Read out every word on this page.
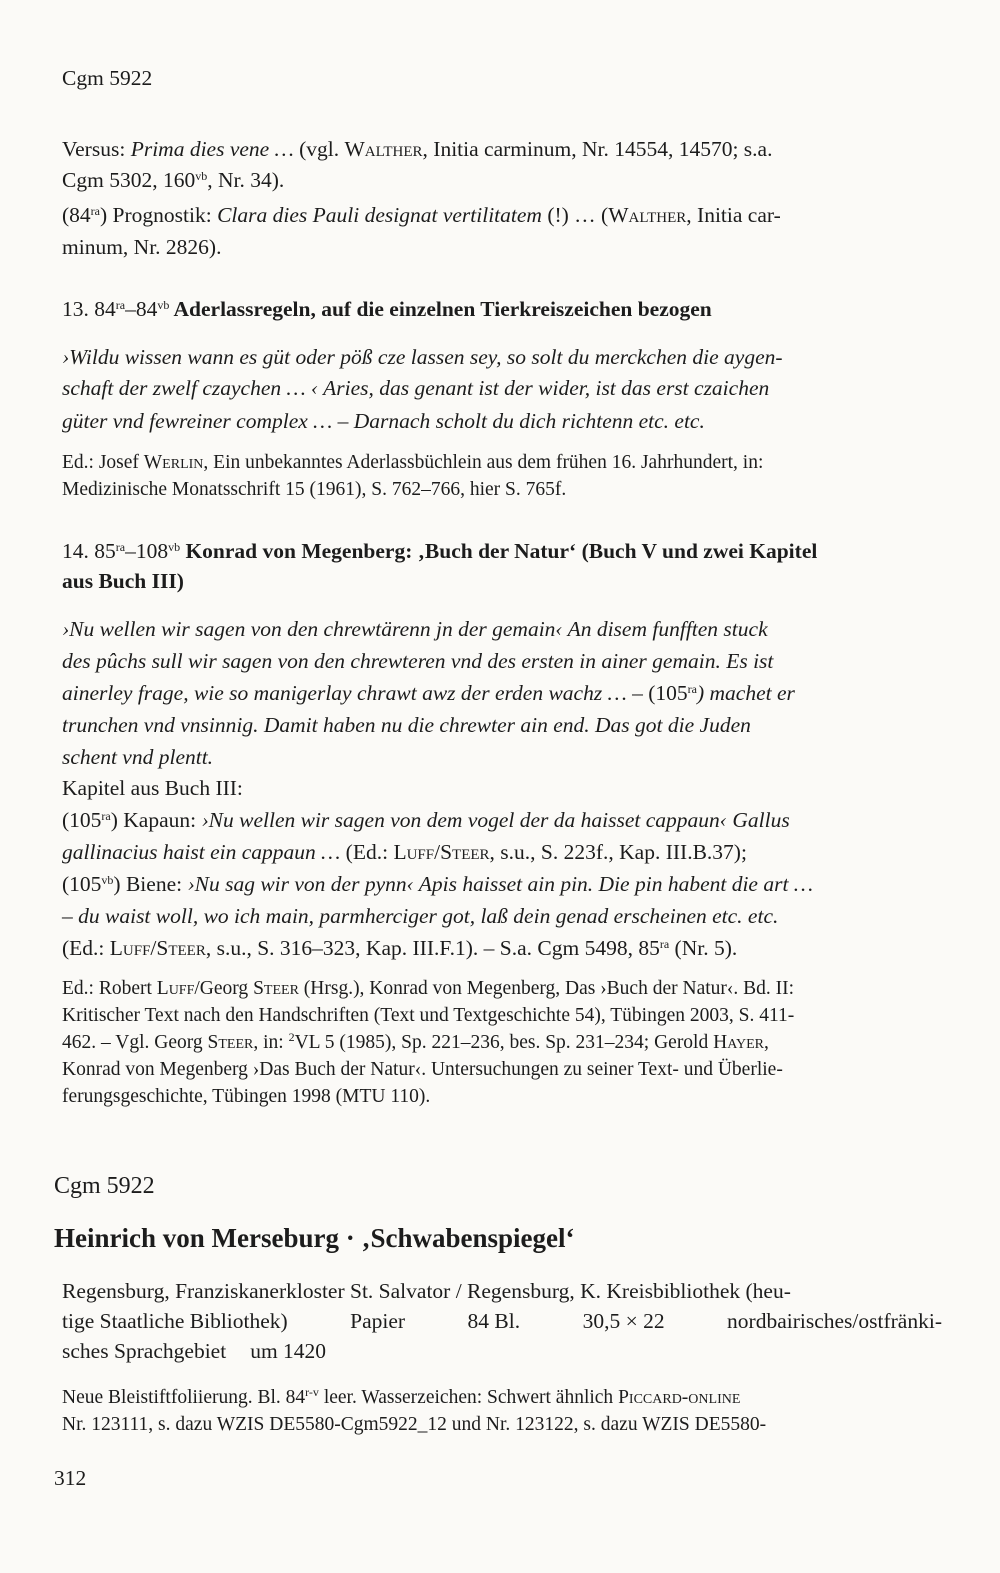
Cgm 5922
Versus: Prima dies vene … (vgl. Walther, Initia carminum, Nr. 14554, 14570; s.a.
Cgm 5302, $160^{vb}$, Nr. 34).
$(84^{ra})$ Prognostik: Clara dies Pauli designat vertilitatem (!) … (Walther, Initia car-
minum, Nr. 2826).
13. $84^{ra}-84^{vb}$ Aderlassregeln, auf die einzelnen Tierkreiszeichen bezogen
›Wildu wissen wann es güt oder pöß cze lassen sey, so solt du merckchen die aygen-
schaft der zwelf czaychen … ‹ Aries, das genant ist der wider, ist das erst czaichen
güter vnd fewreiner complex … – Darnach scholt du dich richtenn etc. etc.
Ed.: Josef Werlin, Ein unbekanntes Aderlassbüchlein aus dem frühen 16. Jahrhundert, in:
Medizinische Monatsschrift 15 (1961), S. 762–766, hier S. 765f.
14. $85^{ra}-108^{vb}$ Konrad von Megenberg: ‚Buch der Natur‘ (Buch V und zwei Kapitel
aus Buch III)
›Nu wellen wir sagen von den chrewtärenn jn der gemain‹ An disem funfften stuck
des pûchs sull wir sagen von den chrewteren vnd des ersten in ainer gemain. Es ist
ainerley frage, wie so manigerlay chrawt awz der erden wachz … – $(105^{ra})$ machet er
trunchen vnd vnsinnig. Damit haben nu die chrewter ain end. Das got die Juden
schent vnd plentt.
Kapitel aus Buch III:
$(105^{ra})$ Kapaun: ›Nu wellen wir sagen von dem vogel der da haisset cappaun‹ Gallus
gallinacius haist ein cappaun … (Ed.: Luff/Steer, s.u., S. 223f., Kap. III.B.37);
$(105^{vb})$ Biene: ›Nu sag wir von der pynn‹ Apis haisset ain pin. Die pin habent die art …
– du waist woll, wo ich main, parmherciger got, laß dein genad erscheinen etc. etc.
(Ed.: Luff/Steer, s.u., S. 316–323, Kap. III.F.1). – S.a. Cgm 5498, $85^{ra}$ (Nr. 5).
Ed.: Robert Luff/Georg Steer (Hrsg.), Konrad von Megenberg, Das ›Buch der Natur‹. Bd. II:
Kritischer Text nach den Handschriften (Text und Textgeschichte 54), Tübingen 2003, S. 411-
462. – Vgl. Georg Steer, in: $^2$VL 5 (1985), Sp. 221–236, bes. Sp. 231–234; Gerold Hayer,
Konrad von Megenberg ›Das Buch der Natur‹. Untersuchungen zu seiner Text- und Überlie-
ferungsgeschichte, Tübingen 1998 (MTU 110).
Cgm 5922
Heinrich von Merseburg · ‚Schwabenspiegel‘
Regensburg, Franziskanerkloster St. Salvator / Regensburg, K. Kreisbibliothek (heu-
tige Staatliche Bibliothek)	Papier	84 Bl.	30,5 × 22	nordbairisches/ostfränki-
sches Sprachgebiet um 1420
Neue Bleistiftfoliierung. Bl. 84$^{r-v}$ leer. Wasserzeichen: Schwert ähnlich Piccard-online
Nr. 123111, s. dazu WZIS DE5580-Cgm5922_12 und Nr. 123122, s. dazu WZIS DE5580-
312
